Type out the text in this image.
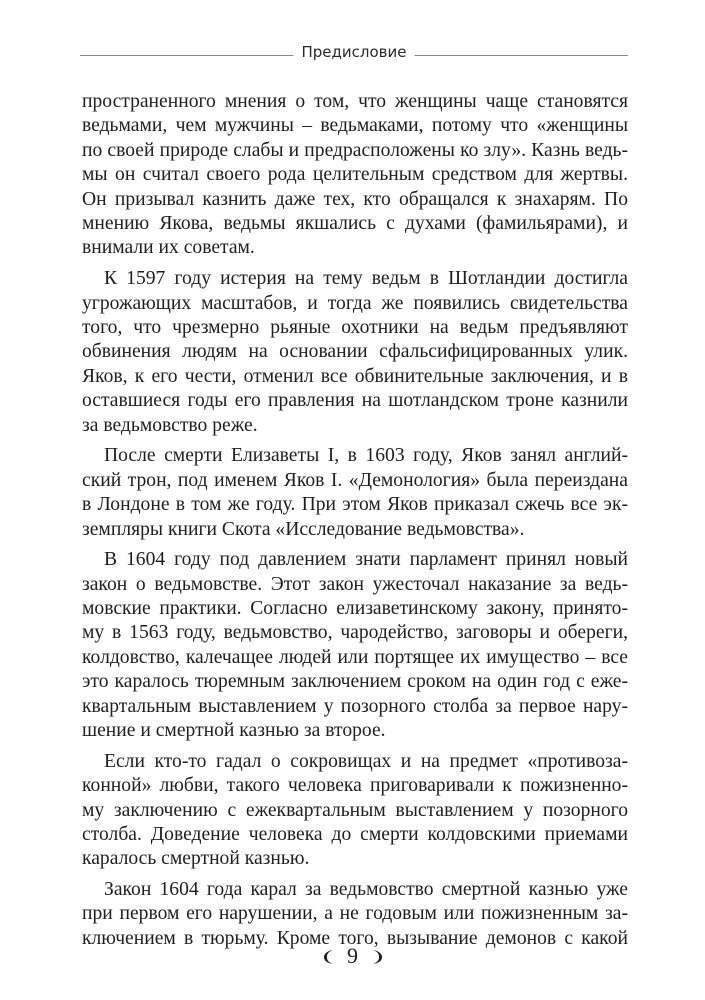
Предисловие

пространенного мнения о том, что женщины чаще становятся
ведьмами, чем мужчины – ведьмаками, потому что «женщины
по своей природе слабы и предрасположены ко злу». Казнь ведь-
мы он считал своего рода целительным средством для жертвы.
Он призывал казнить даже тех, кто обращался к знахарям. По
мнению Якова, ведьмы якшались с духами (фамильярами), и
внимали их советам.

К 1597 году истерия на тему ведьм в Шотландии достигла
угрожающих масштабов, и тогда же появились свидетельства
того, что чрезмерно рьяные охотники на ведьм предъявляют
обвинения людям на основании сфальсифицированных улик.
Яков, к его чести, отменил все обвинительные заключения, и в
оставшиеся годы его правления на шотландском троне казнили
за ведьмовство реже.

После смерти Елизаветы I, в 1603 году, Яков занял англий-
ский трон, под именем Яков I. «Демонология» была переиздана
в Лондоне в том же году. При этом Яков приказал сжечь все эк-
земпляры книги Скота «Исследование ведьмовства».

В 1604 году под давлением знати парламент принял новый
закон о ведьмовстве. Этот закон ужесточал наказание за ведь-
мовские практики. Согласно елизаветинскому закону, принято-
му в 1563 году, ведьмовство, чародейство, заговоры и обереги,
колдовство, калечащее людей или портящее их имущество – все
это каралось тюремным заключением сроком на один год с еже-
квартальным выставлением у позорного столба за первое нару-
шение и смертной казнью за второе.

Если кто-то гадал о сокровищах и на предмет «противоза-
конной» любви, такого человека приговаривали к пожизненно-
му заключению с ежеквартальным выставлением у позорного
столба. Доведение человека до смерти колдовскими приемами
каралось смертной казнью.

Закон 1604 года карал за ведьмовство смертной казнью уже
при первом его нарушении, а не годовым или пожизненным за-
ключением в тюрьму. Кроме того, вызывание демонов с какой

9
